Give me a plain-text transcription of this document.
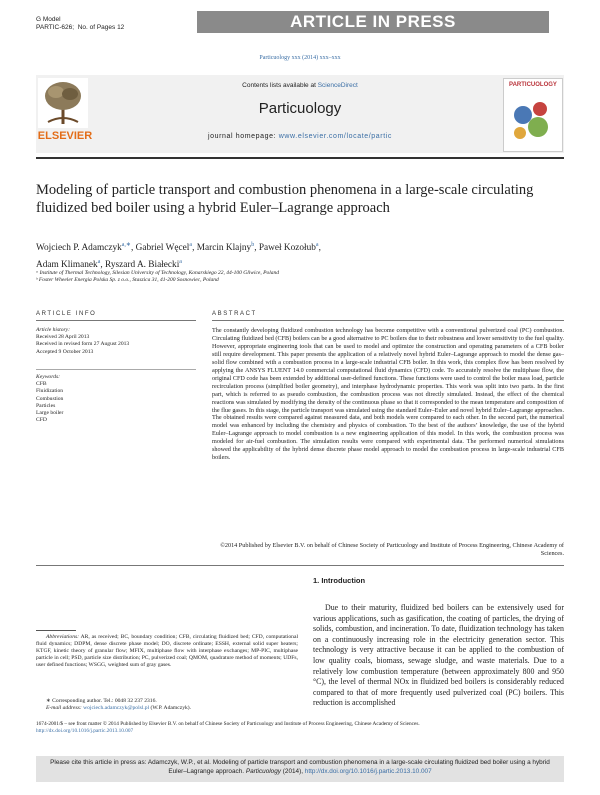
G Model
PARTIC-626; No. of Pages 12	ARTICLE IN PRESS
Particuology xxx (2014) xxx–xxx
ELSEVIER
Contents lists available at ScienceDirect
Particuology
journal homepage: www.elsevier.com/locate/partic
PARTICUOLOGY
Modeling of particle transport and combustion phenomena in a large-scale circulating fluidized bed boiler using a hybrid Euler–Lagrange approach
Wojciech P. Adamczyk$^{a,∗}$, Gabriel Węcel$^a$, Marcin Klajny$^b$, Paweł Kozołub$^a$,
Adam Klimanek$^a$, Ryszard A. Białecki$^a$
ᵃ Institute of Thermal Technology, Silesian University of Technology, Konarskiego 22, 44-100 Gliwice, Poland
ᵇ Foster Wheeler Energia Polska Sp. z o.o., Staszica 31, 41-200 Sosnowiec, Poland
ARTICLE INFO	ABSTRACT
Article history:
Received 28 April 2013
Received in revised form 27 August 2013
Accepted 9 October 2013
Keywords:
CFB
Fluidization
Combustion
Particles
Large boiler
CFD
The constantly developing fluidized combustion technology has become competitive with a conventional pulverized coal (PC) combustion. Circulating fluidized bed (CFB) boilers can be a good alternative to PC boilers due to their robustness and lower sensitivity to the fuel quality. However, appropriate engineering tools that can be used to model and optimize the construction and operating parameters of a CFB boiler still require development. This paper presents the application of a relatively novel hybrid Euler–Lagrange approach to model the dense gas–solid flow combined with a combustion process in a large-scale industrial CFB boiler. In this work, this complex flow has been resolved by applying the ANSYS FLUENT 14.0 commercial computational fluid dynamics (CFD) code. To accurately resolve the multiphase flow, the original CFD code has been extended by additional user-defined functions. These functions were used to control the boiler mass load, particle recirculation process (simplified boiler geometry), and interphase hydrodynamic properties. This work was split into two parts. In the first part, which is referred to as pseudo combustion, the combustion process was not directly simulated. Instead, the effect of the chemical reactions was simulated by modifying the density of the continuous phase so that it corresponded to the mean temperature and composition of the flue gases. In this stage, the particle transport was simulated using the standard Euler–Euler and novel hybrid Euler–Lagrange approaches. The obtained results were compared against measured data, and both models were compared to each other. In the second part, the numerical model was enhanced by including the chemistry and physics of combustion. To the best of the authors’ knowledge, the use of the hybrid Euler–Lagrange approach to model combustion is a new engineering application of this model. In this work, the combustion process was modeled for air-fuel combustion. The simulation results were compared with experimental data. The performed numerical simulations showed the applicability of the hybrid dense discrete phase model approach to model the combustion process in large-scale industrial CFB boilers.
©2014 Published by Elsevier B.V. on behalf of Chinese Society of Particuology and Institute of Process Engineering, Chinese Academy of Sciences.
1. Introduction
Due to their maturity, fluidized bed boilers can be extensively used for various applications, such as gasification, the coating of particles, the drying of solids, combustion, and incineration. To date, fluidization technology has taken on a continuously increasing role in the electricity generation sector. This technology is very attractive because it can be applied to the combustion of low quality coals, biomass, sewage sludge, and waste materials. Due to a relatively low combustion temperature (between approximately 800 and 950 °C), the level of thermal NOx in fluidized bed boilers is considerably reduced compared to that of more frequently used pulverized coal (PC) boilers. This reduction is accomplished
Abbreviations: AR, as received; BC, boundary condition; CFB, circulating fluidized bed; CFD, computational fluid dynamics; DDPM, dense discrete phase model; DO, discrete ordinate; ESSH, external solid super heaters; KTGF, kinetic theory of granular flow; MFIX, multiphase flow with interphase exchanges; MP-PIC, multiphase particle in cell; PSD, particle size distribution; PC, pulverized coal; QMOM, quadrature method of moments; UDFs, user defined functions; WSGG, weighted sum of gray gases.
∗ Corresponding author. Tel.: 0048 32 237 2316.
E-mail address: wojciech.adamczyk@polsl.pl (W.P. Adamczyk).
1674-2001/$ – see front matter © 2014 Published by Elsevier B.V. on behalf of Chinese Society of Particuology and Institute of Process Engineering, Chinese Academy of Sciences.
http://dx.doi.org/10.1016/j.partic.2013.10.007
Please cite this article in press as: Adamczyk, W.P., et al. Modeling of particle transport and combustion phenomena in a large-scale circulating fluidized bed boiler using a hybrid Euler–Lagrange approach. Particuology (2014), http://dx.doi.org/10.1016/j.partic.2013.10.007
